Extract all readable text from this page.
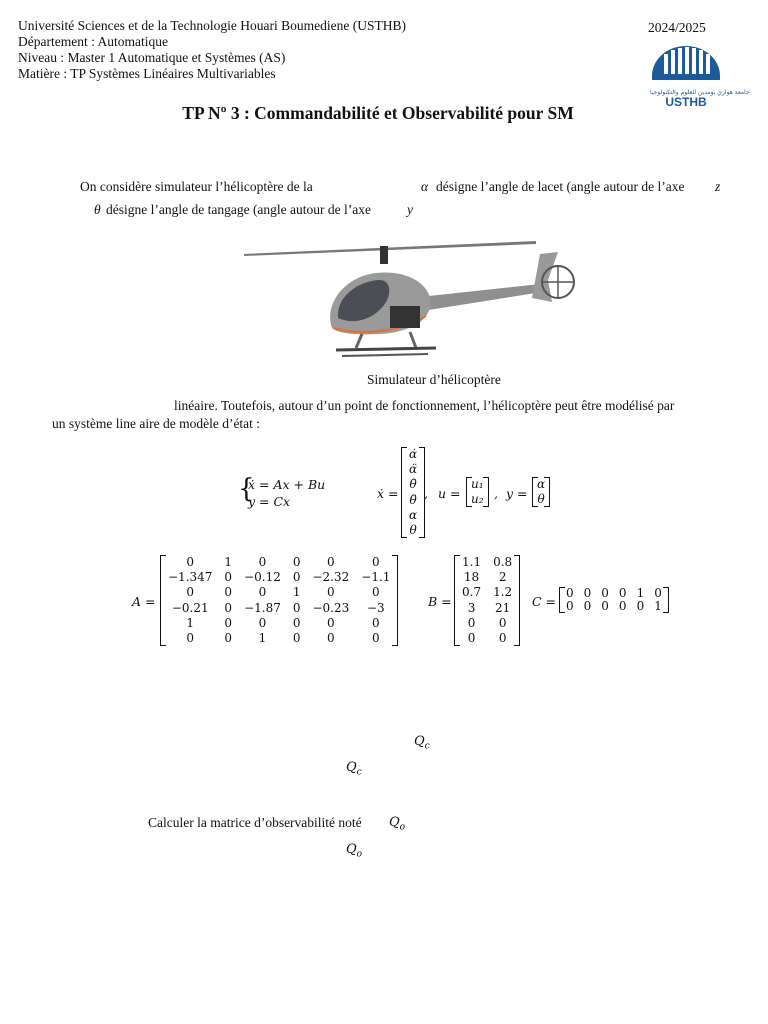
Université Sciences et de la Technologie Houari Boumediene (USTHB)
Département : Automatique
Niveau : Master 1 Automatique et Systèmes (AS)
Matière : TP Systèmes Linéaires Multivariables
2024/2025
جامعة هواري بومدين للعلوم والتكنولوجيا
USTHB
TP Nº 3 : Commandabilité et Observabilité pour SM
On considère simulateur l’hélicoptère de la	α désigne l’angle de lacet (angle autour de l’axe z
θ désigne l’angle de tangage (angle autour de l’axe	y
Simulateur d’hélicoptère
linéaire. Toutefois, autour d’un point de fonctionnement, l’hélicoptère peut être modélisé par
un système line aire de modèle d’état :
{
ẋ = Ax + Bu
y = Cx
ẋ =
α̇
α̈
θ̇
θ̈
α
θ
, u =
u₁
u₂ , y =
α
θ
A =
0	1	0	0	0	0
−1.347	0	−0.12	0	−2.32	−1.1
0	0	0	1	0	0
−0.21	0	−1.87	0	−0.23	−3
1	0	0	0	0	0
0	0	1	0	0	0
B =
1.1	0.8
18	2
0.7	1.2
3	21
0	0
0	0
C =
0	0	0	0	1	0
0	0	0	0	0	1
$Q_c$
$Q_c$
Calculer la matrice d’observabilité noté $Q_o$
$Q_o$
